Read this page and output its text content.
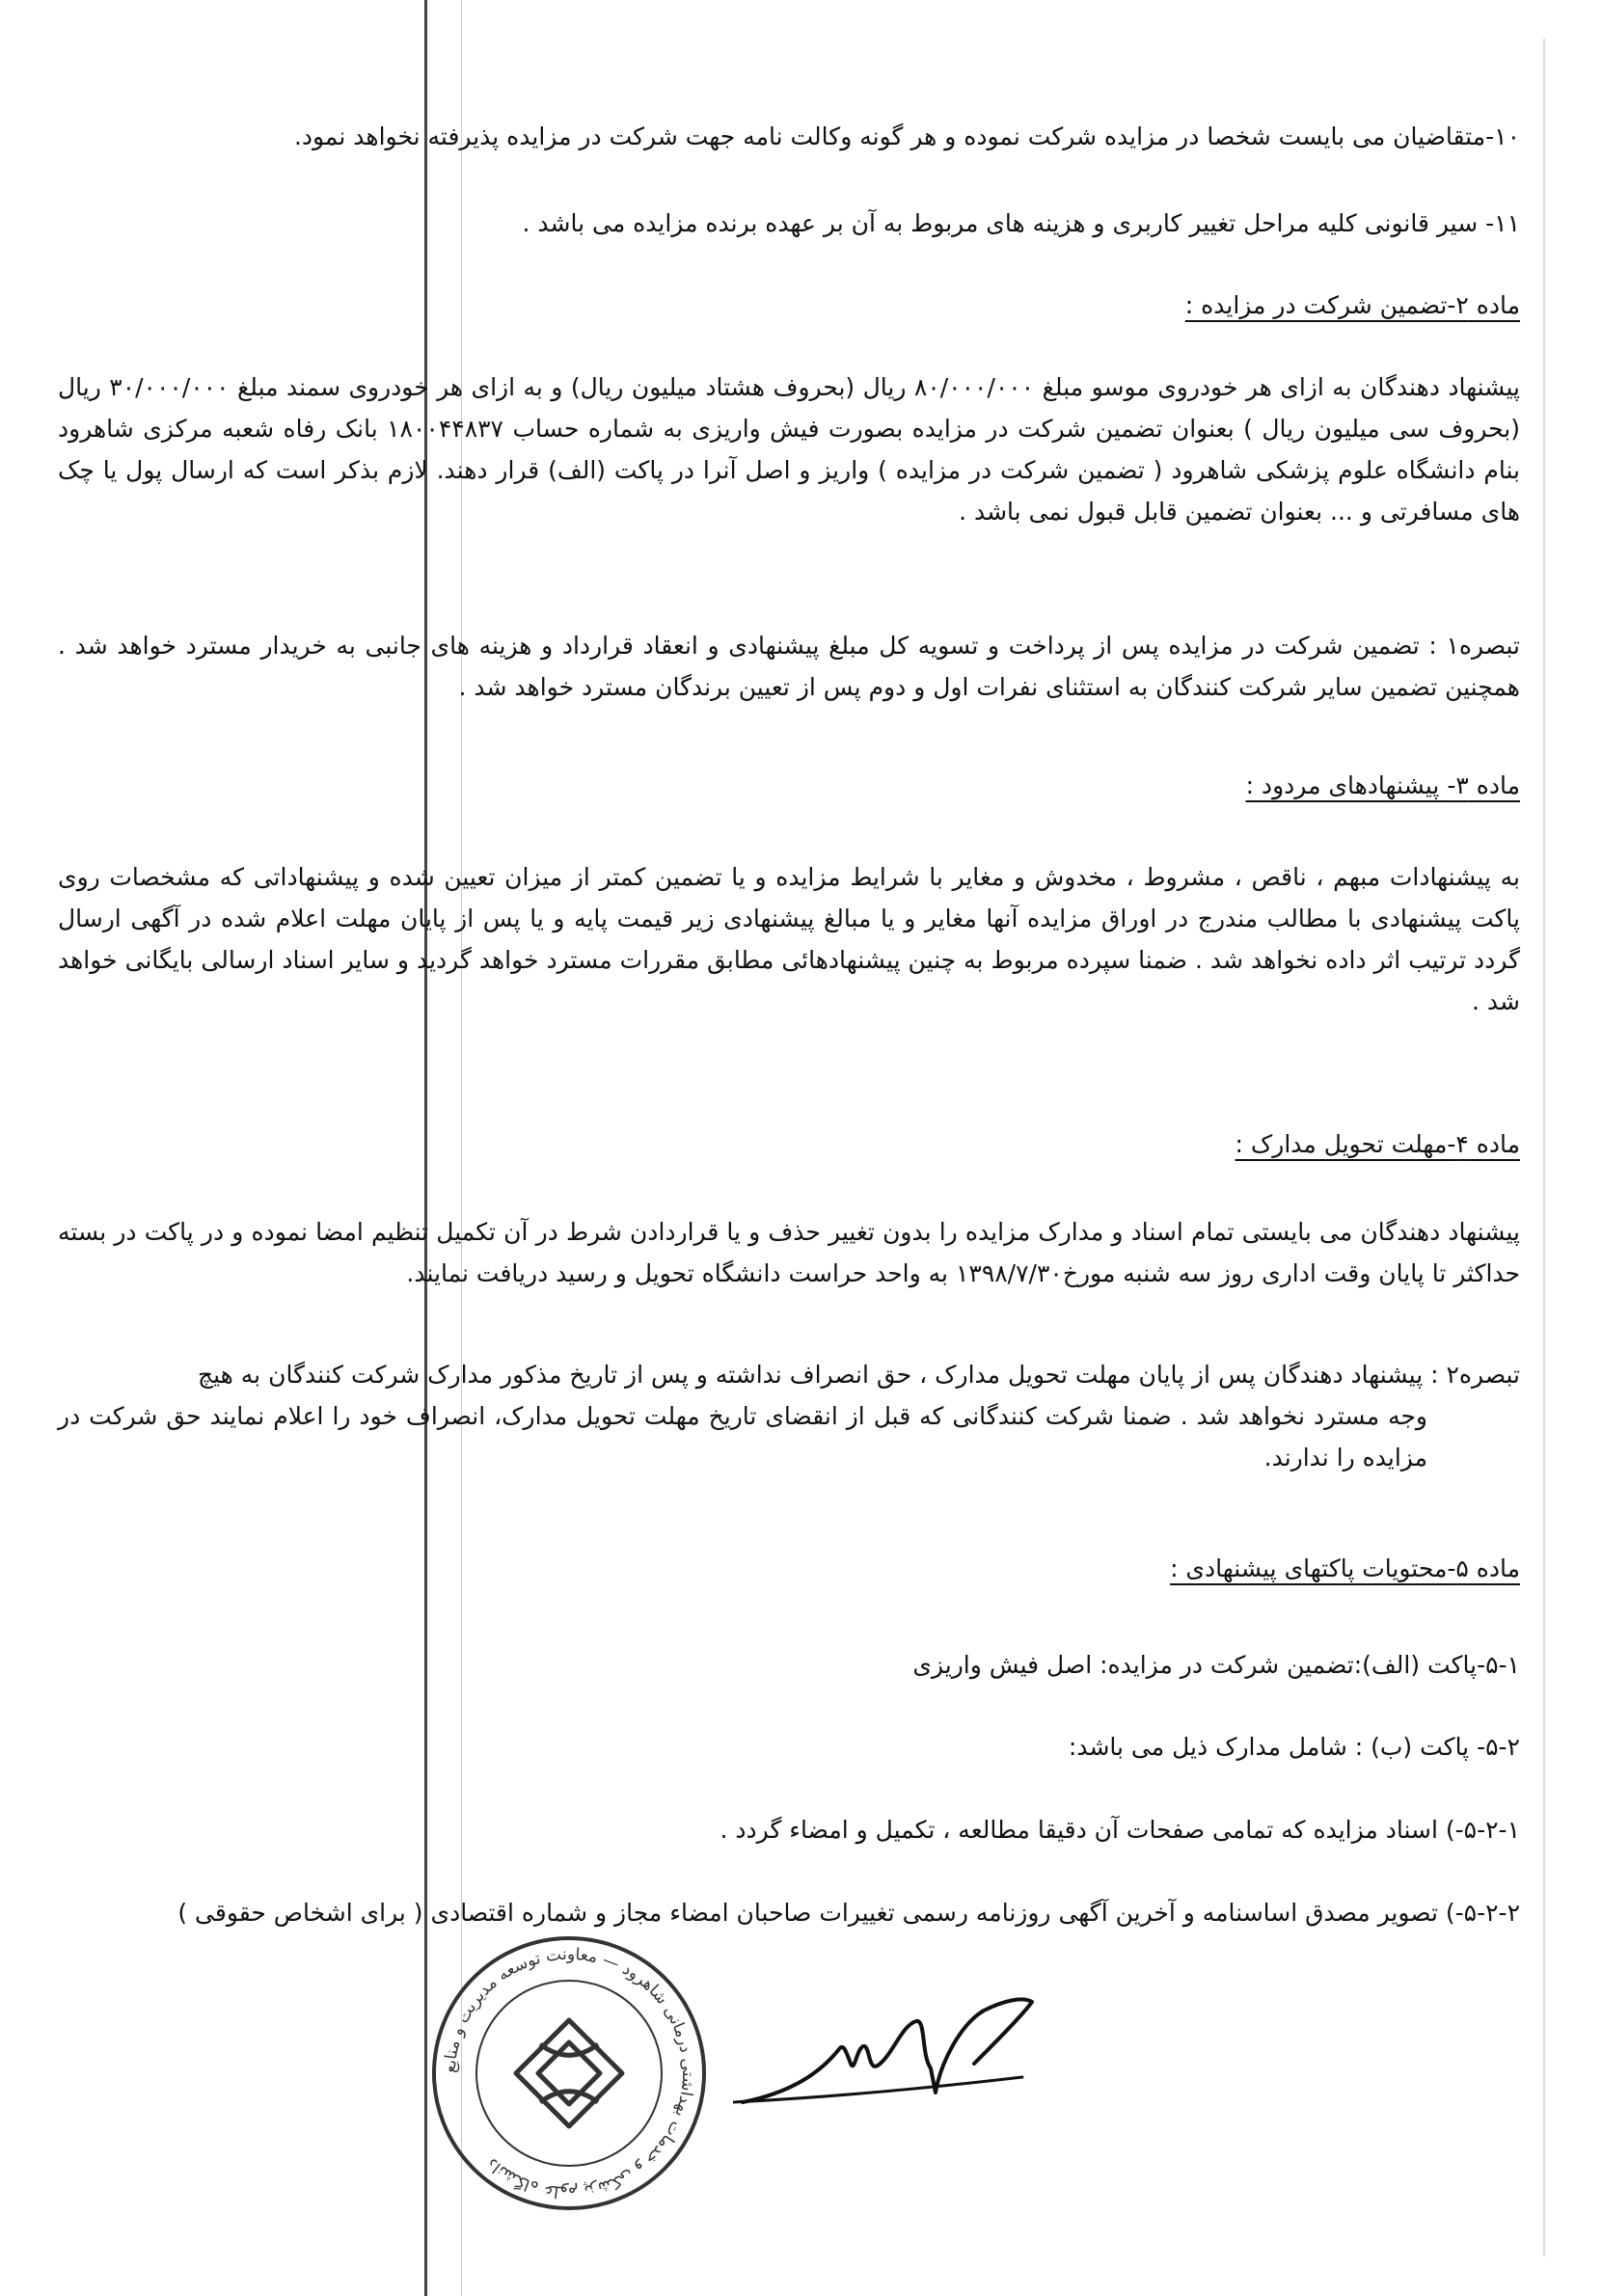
۱۰-متقاضیان می بایست شخصا در مزایده شرکت نموده و هر گونه وکالت نامه جهت شرکت در مزایده پذیرفته نخواهد نمود.

۱۱- سیر قانونی کلیه مراحل تغییر کاربری و هزینه های مربوط به آن بر عهده برنده مزایده می باشد .

ماده ۲-تضمین شرکت در مزایده :

پیشنهاد دهندگان به ازای هر خودروی موسو مبلغ ۸۰/۰۰۰/۰۰۰ ریال (بحروف هشتاد میلیون ریال) و به ازای هر خودروی سمند مبلغ ۳۰/۰۰۰/۰۰۰ ریال (بحروف سی میلیون ریال ) بعنوان تضمین شرکت در مزایده بصورت فیش واریزی به شماره حساب ۱۸۰۰۴۴۸۳۷ بانک رفاه شعبه مرکزی شاهرود بنام دانشگاه علوم پزشکی شاهرود ( تضمین شرکت در مزایده ) واریز و اصل آنرا در پاکت (الف) قرار دهند. لازم بذکر است که ارسال پول یا چک های مسافرتی و ... بعنوان تضمین قابل قبول نمی باشد .

تبصره۱ : تضمین شرکت در مزایده پس از پرداخت و تسویه کل مبلغ پیشنهادی و انعقاد قرارداد و هزینه های جانبی به خریدار مسترد خواهد شد . همچنین تضمین سایر شرکت کنندگان به استثنای نفرات اول و دوم پس از تعیین برندگان مسترد خواهد شد .

ماده ۳- پیشنهادهای مردود :

به پیشنهادات مبهم ، ناقص ، مشروط ، مخدوش و مغایر با شرایط مزایده و یا تضمین کمتر از میزان تعیین شده و پیشنهاداتی که مشخصات روی پاکت پیشنهادی با مطالب مندرج در اوراق مزایده آنها مغایر و یا مبالغ پیشنهادی زیر قیمت پایه و یا پس از پایان مهلت اعلام شده در آگهی ارسال گردد ترتیب اثر داده نخواهد شد . ضمنا سپرده مربوط به چنین پیشنهادهائی مطابق مقررات مسترد خواهد گردید و سایر اسناد ارسالی بایگانی خواهد شد .

ماده ۴-مهلت تحویل مدارک :

پیشنهاد دهندگان می بایستی تمام اسناد و مدارک مزایده را بدون تغییر حذف و یا قراردادن شرط در آن تکمیل تنظیم امضا نموده و در پاکت در بسته حداکثر تا پایان وقت اداری روز سه شنبه مورخ۱۳۹۸/۷/۳۰ به واحد حراست دانشگاه تحویل و رسید دریافت نمایند.

تبصره۲ : پیشنهاد دهندگان پس از پایان مهلت تحویل مدارک ، حق انصراف نداشته و پس از تاریخ مذکور مدارک شرکت کنندگان به هیچ

وجه مسترد نخواهد شد . ضمنا شرکت کنندگانی که قبل از انقضای تاریخ مهلت تحویل مدارک، انصراف خود را اعلام نمایند حق شرکت در مزایده را ندارند.

ماده ۵-محتویات پاکتهای پیشنهادی :

۵-۱-پاکت (الف):تضمین شرکت در مزایده: اصل فیش واریزی

۵-۲- پاکت (ب) : شامل مدارک ذیل می باشد:

۵-۲-۱-) اسناد مزایده که تمامی صفحات آن دقیقا مطالعه ، تکمیل و امضاء گردد .

۵-۲-۲-) تصویر مصدق اساسنامه و آخرین آگهی روزنامه رسمی تغییرات صاحبان امضاء مجاز و شماره اقتصادی ( برای اشخاص حقوقی )

دانشگاه علوم پزشکی و خدمات بهداشتی درمانی شاهرود — معاونت توسعه مدیریت و منابع
